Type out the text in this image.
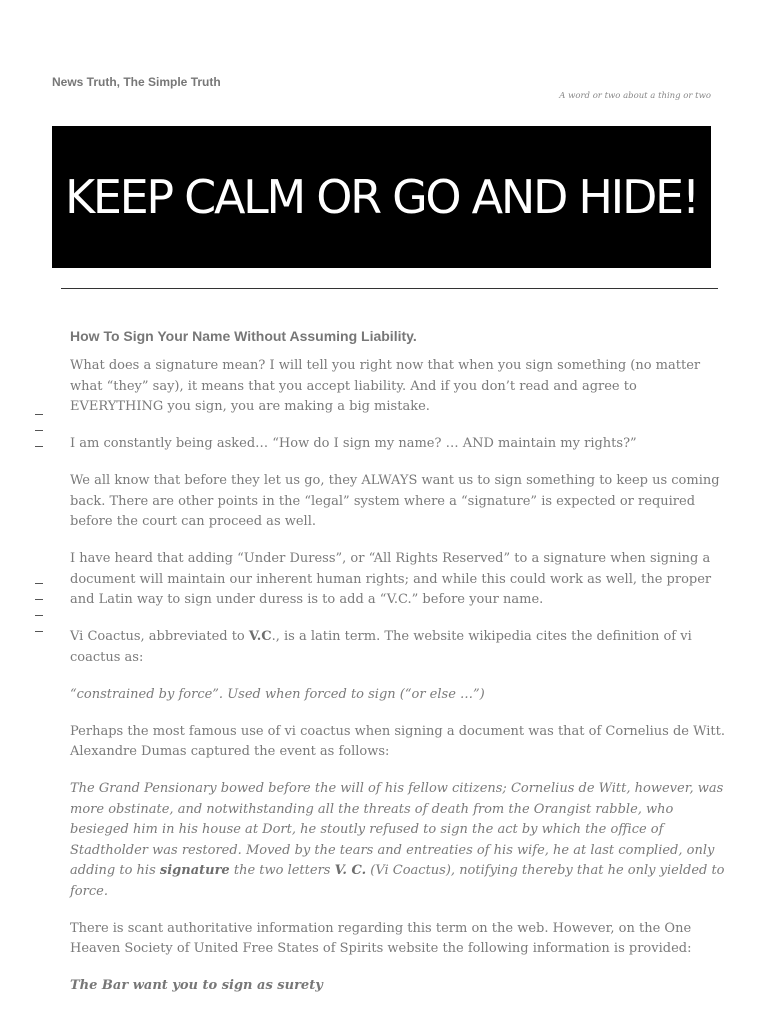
News Truth, The Simple Truth
A word or two about a thing or two
KEEP CALM OR GO AND HIDE!
How To Sign Your Name Without Assuming Liability.

What does a signature mean? I will tell you right now that when you sign something (no matter what “they” say), it means that you accept liability. And if you don’t read and agree to EVERYTHING you sign, you are making a big mistake.

I am constantly being asked… “How do I sign my name? … AND maintain my rights?”

We all know that before they let us go, they ALWAYS want us to sign something to keep us coming back. There are other points in the “legal” system where a “signature” is expected or required before the court can proceed as well.

I have heard that adding “Under Duress”, or “All Rights Reserved” to a signature when signing a document will maintain our inherent human rights; and while this could work as well, the proper and Latin way to sign under duress is to add a “V.C.” before your name.

Vi Coactus, abbreviated to V.C., is a latin term. The website wikipedia cites the definition of vi coactus as:

“constrained by force”. Used when forced to sign (“or else …”)

Perhaps the most famous use of vi coactus when signing a document was that of Cornelius de Witt. Alexandre Dumas captured the event as follows:

The Grand Pensionary bowed before the will of his fellow citizens; Cornelius de Witt, however, was more obstinate, and notwithstanding all the threats of death from the Orangist rabble, who besieged him in his house at Dort, he stoutly refused to sign the act by which the office of Stadtholder was restored. Moved by the tears and entreaties of his wife, he at last complied, only adding to his signature the two letters V. C. (Vi Coactus), notifying thereby that he only yielded to force.

There is scant authoritative information regarding this term on the web. However, on the One Heaven Society of United Free States of Spirits website the following information is provided:

The Bar want you to sign as surety
